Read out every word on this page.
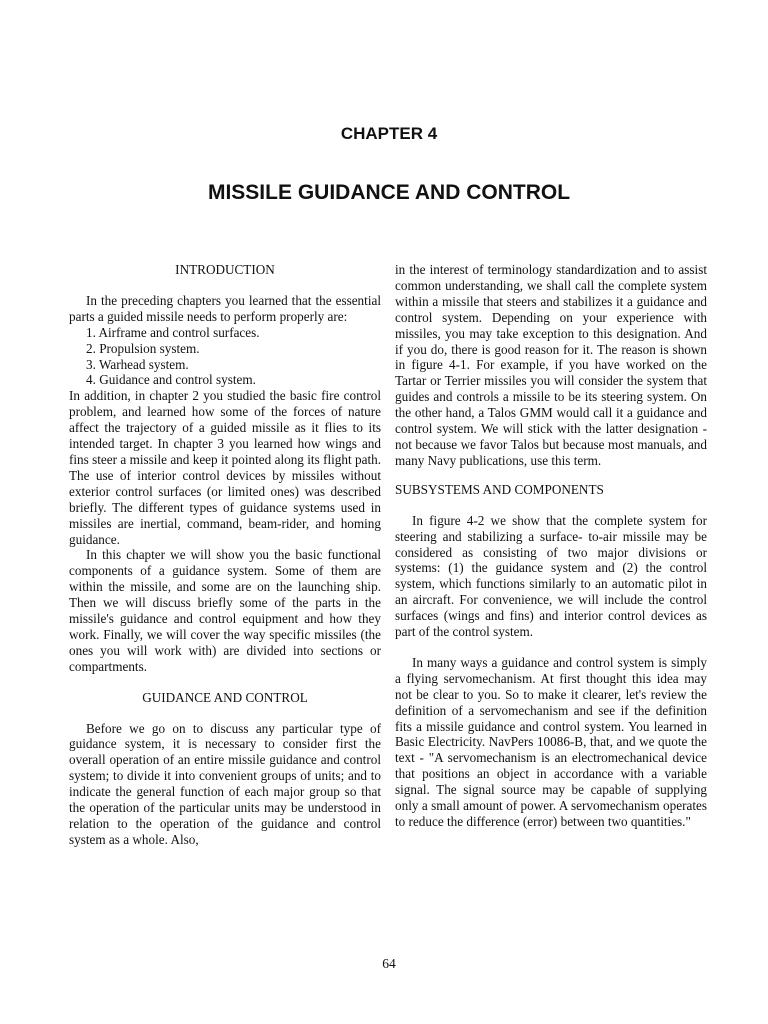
CHAPTER 4
MISSILE GUIDANCE AND CONTROL

INTRODUCTION

In the preceding chapters you learned that the essential parts a guided missile needs to perform properly are:

1. Airframe and control surfaces.

2. Propulsion system.

3. Warhead system.

4. Guidance and control system.

In addition, in chapter 2 you studied the basic fire control problem, and learned how some of the forces of nature affect the trajectory of a guided missile as it flies to its intended target. In chapter 3 you learned how wings and fins steer a missile and keep it pointed along its flight path. The use of interior control devices by missiles without exterior control surfaces (or limited ones) was described briefly. The different types of guidance systems used in missiles are inertial, command, beam-rider, and homing guidance.

In this chapter we will show you the basic functional components of a guidance system. Some of them are within the missile, and some are on the launching ship. Then we will discuss briefly some of the parts in the missile's guidance and control equipment and how they work. Finally, we will cover the way specific missiles (the ones you will work with) are divided into sections or compartments.

GUIDANCE AND CONTROL

Before we go on to discuss any particular type of guidance system, it is necessary to consider first the overall operation of an entire missile guidance and control system; to divide it into convenient groups of units; and to indicate the general function of each major group so that the operation of the particular units may be understood in relation to the operation of the guidance and control system as a whole. Also,

in the interest of terminology standardization and to assist common understanding, we shall call the complete system within a missile that steers and stabilizes it a guidance and control system. Depending on your experience with missiles, you may take exception to this designation. And if you do, there is good reason for it. The reason is shown in figure 4-1. For example, if you have worked on the Tartar or Terrier missiles you will consider the system that guides and controls a missile to be its steering system. On the other hand, a Talos GMM would call it a guidance and control system. We will stick with the latter designation - not because we favor Talos but because most manuals, and many Navy publications, use this term.

SUBSYSTEMS AND COMPONENTS

In figure 4-2 we show that the complete system for steering and stabilizing a surface- to-air missile may be considered as consisting of two major divisions or systems: (1) the guidance system and (2) the control system, which functions similarly to an automatic pilot in an aircraft. For convenience, we will include the control surfaces (wings and fins) and interior control devices as part of the control system.

In many ways a guidance and control system is simply a flying servomechanism. At first thought this idea may not be clear to you. So to make it clearer, let's review the definition of a servomechanism and see if the definition fits a missile guidance and control system. You learned in Basic Electricity. NavPers 10086-B, that, and we quote the text - "A servomechanism is an electromechanical device that positions an object in accordance with a variable signal. The signal source may be capable of supplying only a small amount of power. A servomechanism operates to reduce the difference (error) between two quantities."

64
